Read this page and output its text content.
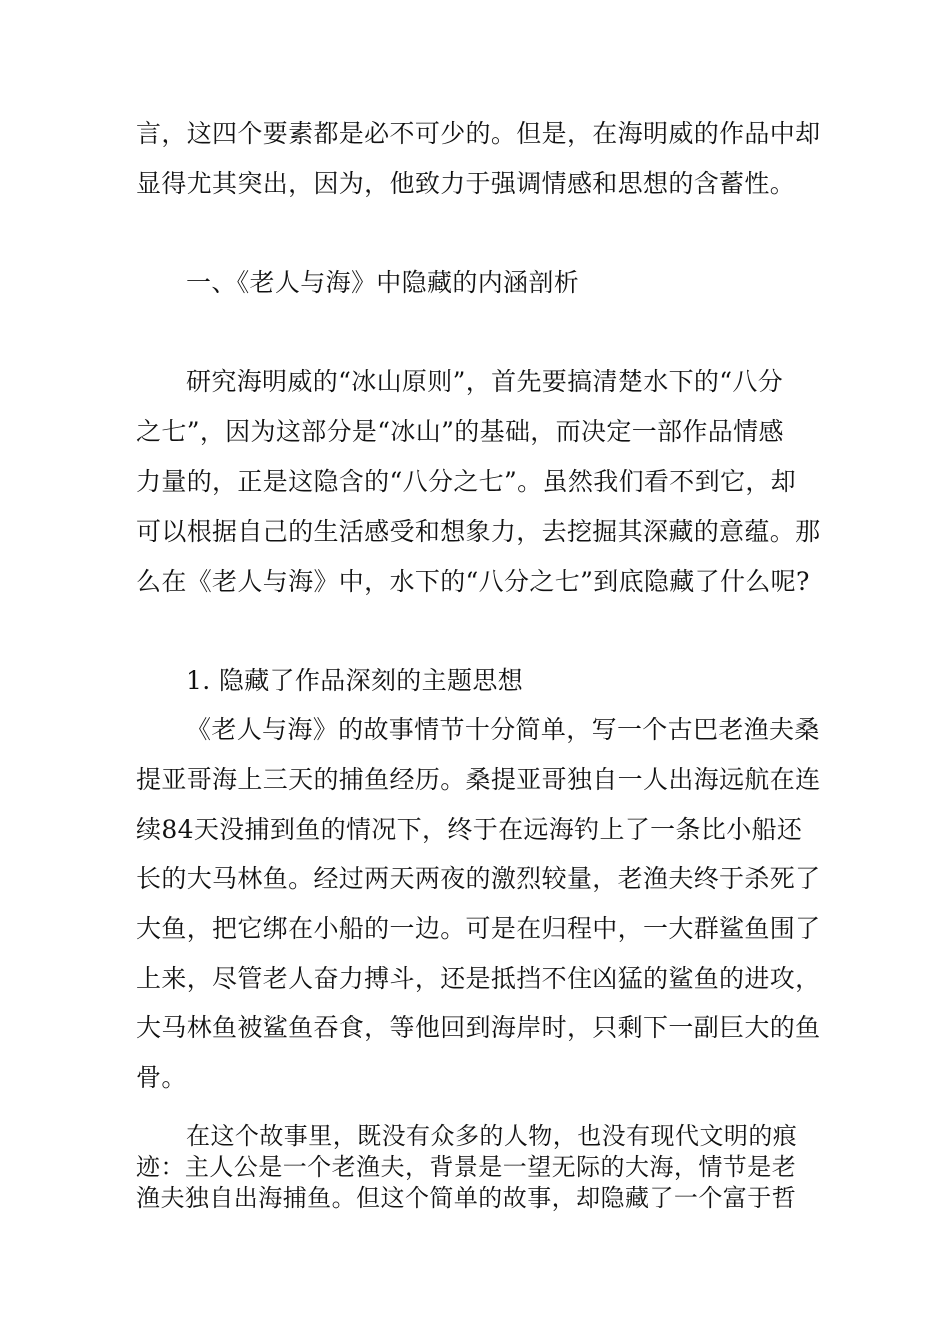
言，这四个要素都是必不可少的。但是，在海明威的作品中却
显得尤其突出，因为，他致力于强调情感和思想的含蓄性。
一、《老人与海》中隐藏的内涵剖析
研究海明威的“冰山原则”，首先要搞清楚水下的“八分
之七”，因为这部分是“冰山”的基础，而决定一部作品情感
力量的，正是这隐含的“八分之七”。虽然我们看不到它，却
可以根据自己的生活感受和想象力，去挖掘其深藏的意蕴。那
么在《老人与海》中，水下的“八分之七”到底隐藏了什么呢?
1. 隐藏了作品深刻的主题思想
《老人与海》的故事情节十分简单，写一个古巴老渔夫桑
提亚哥海上三天的捕鱼经历。桑提亚哥独自一人出海远航在连
续84天没捕到鱼的情况下，终于在远海钓上了一条比小船还
长的大马林鱼。经过两天两夜的激烈较量，老渔夫终于杀死了
大鱼，把它绑在小船的一边。可是在归程中，一大群鲨鱼围了
上来，尽管老人奋力搏斗，还是抵挡不住凶猛的鲨鱼的进攻，
大马林鱼被鲨鱼吞食，等他回到海岸时，只剩下一副巨大的鱼
骨。
在这个故事里，既没有众多的人物，也没有现代文明的痕
迹：主人公是一个老渔夫，背景是一望无际的大海，情节是老
渔夫独自出海捕鱼。但这个简单的故事，却隐藏了一个富于哲
